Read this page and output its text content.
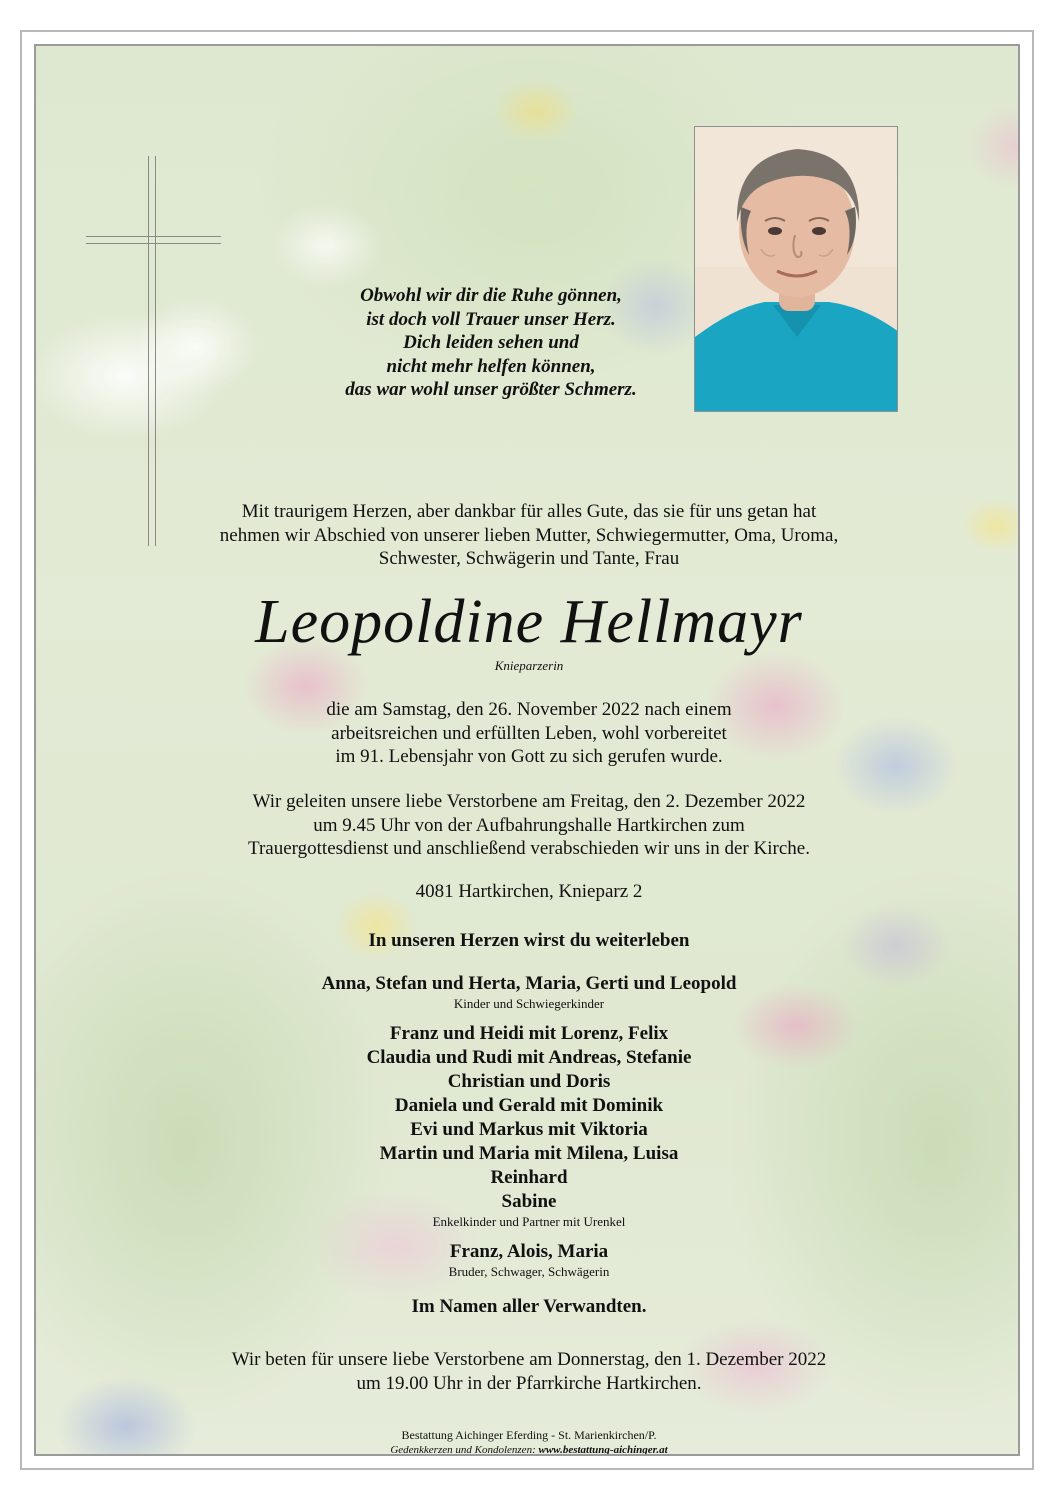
Obwohl wir dir die Ruhe gönnen,
ist doch voll Trauer unser Herz.
Dich leiden sehen und
nicht mehr helfen können,
das war wohl unser größter Schmerz.
Mit traurigem Herzen, aber dankbar für alles Gute, das sie für uns getan hat
nehmen wir Abschied von unserer lieben Mutter, Schwiegermutter, Oma, Uroma,
Schwester, Schwägerin und Tante, Frau
Leopoldine Hellmayr
Knieparzerin
die am Samstag, den 26. November 2022 nach einem
arbeitsreichen und erfüllten Leben, wohl vorbereitet
im 91. Lebensjahr von Gott zu sich gerufen wurde.
Wir geleiten unsere liebe Verstorbene am Freitag, den 2. Dezember 2022
um 9.45 Uhr von der Aufbahrungshalle Hartkirchen zum
Trauergottesdienst und anschließend verabschieden wir uns in der Kirche.
4081 Hartkirchen, Knieparz 2
In unseren Herzen wirst du weiterleben
Anna, Stefan und Herta, Maria, Gerti und Leopold
Kinder und Schwiegerkinder
Franz und Heidi mit Lorenz, Felix
Claudia und Rudi mit Andreas, Stefanie
Christian und Doris
Daniela und Gerald mit Dominik
Evi und Markus mit Viktoria
Martin und Maria mit Milena, Luisa
Reinhard
Sabine
Enkelkinder und Partner mit Urenkel
Franz, Alois, Maria
Bruder, Schwager, Schwägerin
Im Namen aller Verwandten.
Wir beten für unsere liebe Verstorbene am Donnerstag, den 1. Dezember 2022
um 19.00 Uhr in der Pfarrkirche Hartkirchen.
Bestattung Aichinger Eferding - St. Marienkirchen/P.
Gedenkkerzen und Kondolenzen: www.bestattung-aichinger.at
